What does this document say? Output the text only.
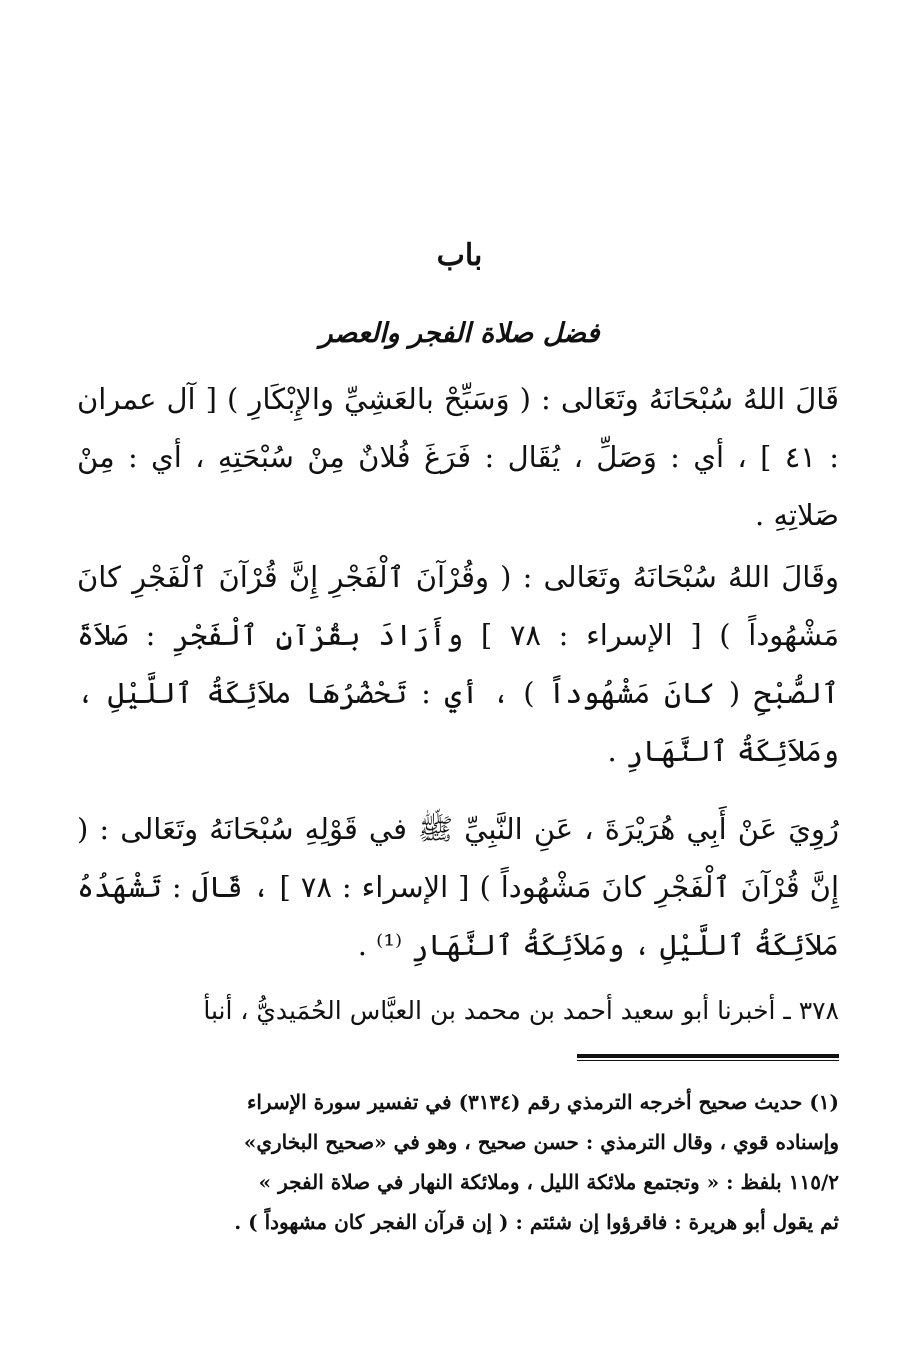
باب
فضل صلاة الفجر والعصر

قَالَ اللهُ سُبْحَانَهُ وتَعَالى : ( وَسَبِّحْ بالعَشِيِّ والإِبْكَارِ ) [ آل عمران : ٤١ ] ، أي : وَصَلِّ ، يُقَال : فَرَغَ فُلانٌ مِنْ سُبْحَتِهِ ، أي : مِنْ صَلاتِهِ .

وقَالَ اللهُ سُبْحَانَهُ وتَعَالى : ( وقُرْآنَ ٱلْفَجْرِ إِنَّ قُرْآنَ ٱلْفَجْرِ كانَ مَشْهُوداً ) [ الإسراء : ٧٨ ] وأَرَادَ بقُرْآنِ ٱلْفَجْرِ : صَلاَةَ ٱلصُّبْحِ ( كانَ مَشْهُوداً ) ، أي : تَحْضُرُهَا ملاَئِكَةُ ٱللَّيْلِ ، ومَلاَئِكَةُ ٱلنَّهَارِ .

رُوِيَ عَنْ أَبِي هُرَيْرَةَ ، عَنِ النَّبِيِّ ﷺ في قَوْلِهِ سُبْحَانَهُ وتَعَالى : ( إِنَّ قُرْآنَ ٱلْفَجْرِ كانَ مَشْهُوداً ) [ الإسراء : ٧٨ ] ، قَالَ : تَشْهَدُهُ مَلاَئِكَةُ ٱللَّيْلِ ، ومَلاَئِكَةُ ٱلنَّهَارِ ⁽¹⁾ .

٣٧٨ ـ أخبرنا أبو سعيد أحمد بن محمد بن العبَّاس الحُمَيديُّ ، أنبأ

(١) حديث صحيح أخرجه الترمذي رقم (٣١٣٤) في تفسير سورة الإسراء

وإسناده قوي ، وقال الترمذي : حسن صحيح ، وهو في «صحيح البخاري»

١١٥/٢ بلفظ : « وتجتمع ملائكة الليل ، وملائكة النهار في صلاة الفجر »

ثم يقول أبو هريرة : فاقرؤوا إن شئتم : ( إن قرآن الفجر كان مشهوداً ) .
